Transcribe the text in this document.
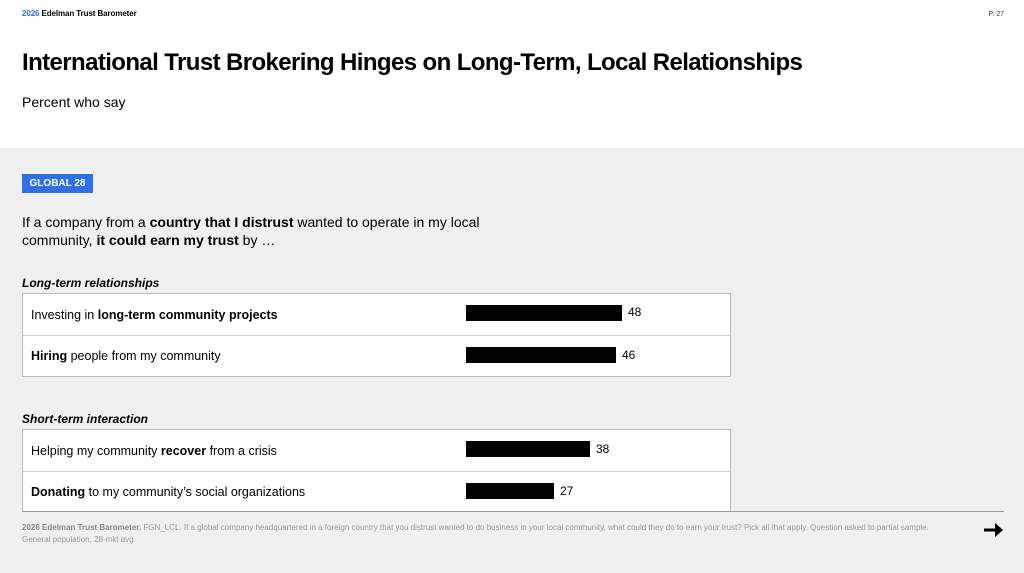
2026 Edelman Trust Barometer	P. 27
International Trust Brokering Hinges on Long-Term, Local Relationships
Percent who say
GLOBAL 28
If a company from a country that I distrust wanted to operate in my local community, it could earn my trust by …
Long-term relationships
Investing in long-term community projects	48
Hiring people from my community	46
Short-term interaction
Helping my community recover from a crisis	38
Donating to my community’s social organizations	27
2026 Edelman Trust Barometer. FGN_LCL. If a global company headquartered in a foreign country that you distrust wanted to do business in your local community, what could they do to earn your trust? Pick all that apply. Question asked to partial sample. General population, 28-mkt avg.
